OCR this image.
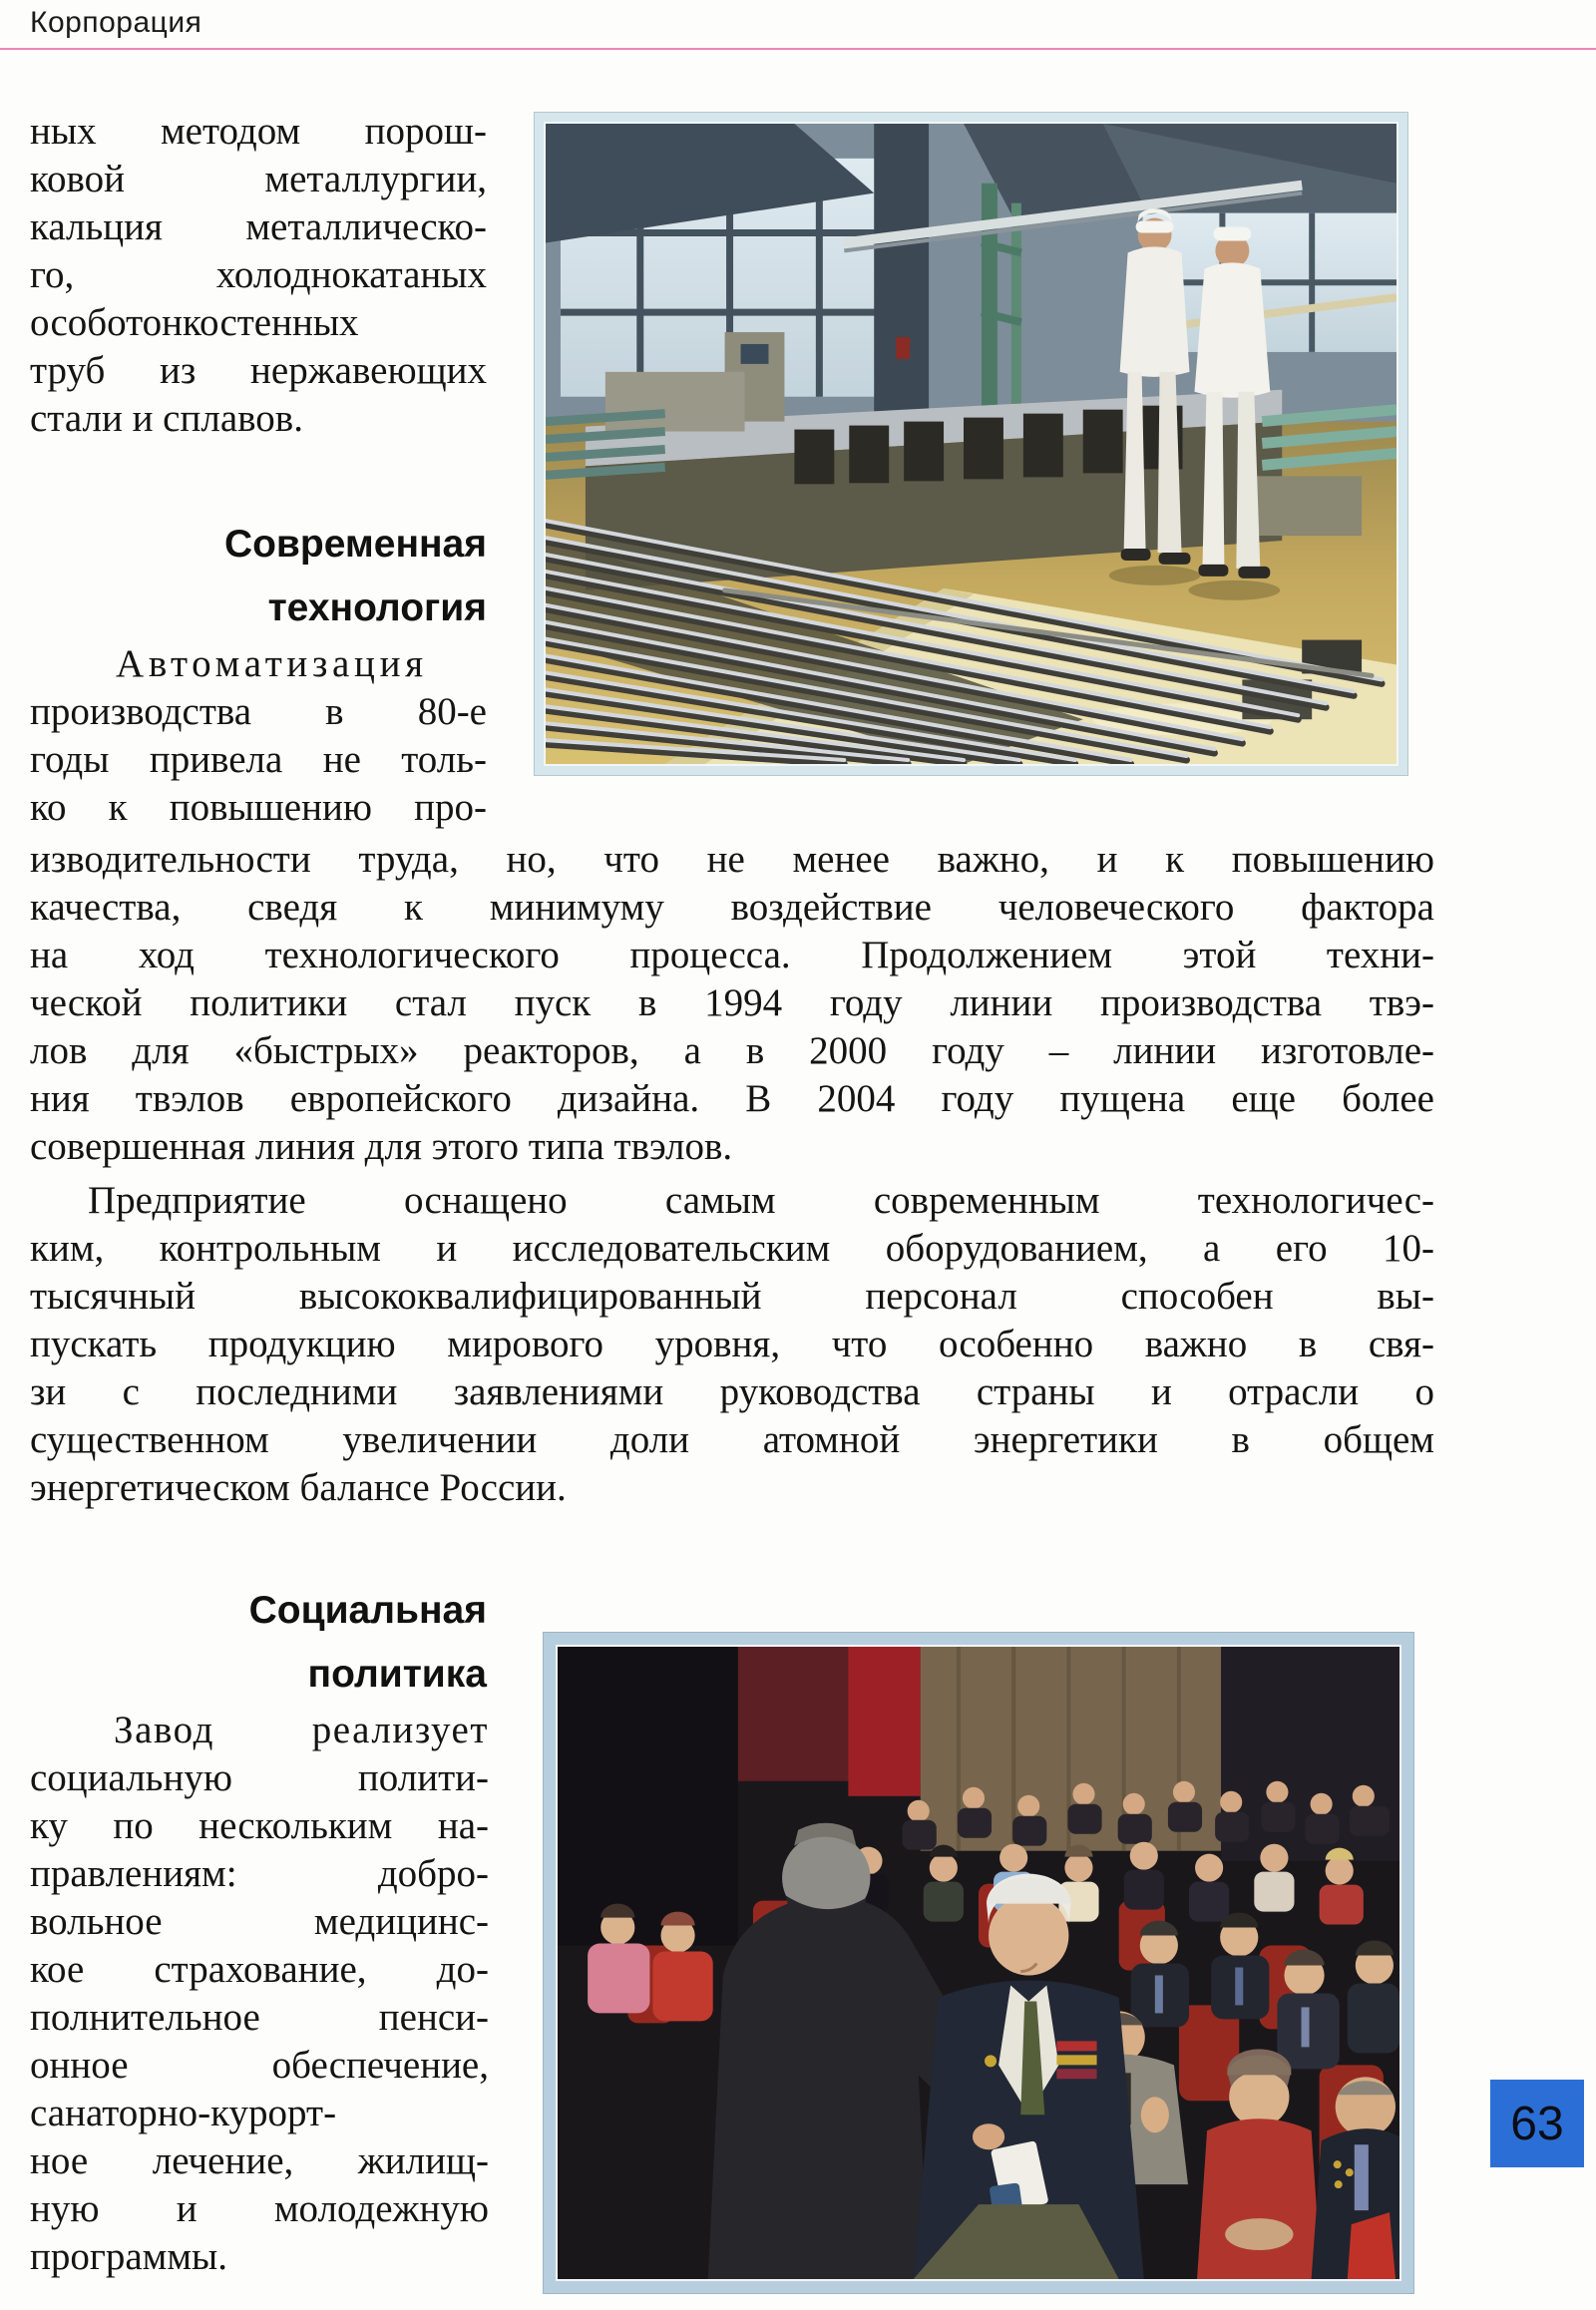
Корпорация
ных методом порош-
ковой металлургии,
кальция металлическо-
го, холоднокатаных
особотонкостенных
труб из нержавеющих
стали и сплавов.
Современная
технология
Автоматизация
производства в 80-е
годы привела не толь-
ко к повышению про-
изводительности труда, но, что не менее важно, и к повышению
качества, сведя к минимуму воздействие человеческого фактора
на ход технологического процесса. Продолжением этой техни-
ческой политики стал пуск в 1994 году линии производства твэ-
лов для «быстрых» реакторов, а в 2000 году – линии изготовле-
ния твэлов европейского дизайна. В 2004 году пущена еще более
совершенная линия для этого типа твэлов.
Предприятие оснащено самым современным технологичес-
ким, контрольным и исследовательским оборудованием, а его 10-
тысячный высококвалифицированный персонал способен вы-
пускать продукцию мирового уровня, что особенно важно в свя-
зи с последними заявлениями руководства страны и отрасли о
существенном увеличении доли атомной энергетики в общем
энергетическом балансе России.
Социальная
политика
Завод реализует
социальную полити-
ку по нескольким на-
правлениям: добро-
вольное медицинс-
кое страхование, до-
полнительное пенси-
онное обеспечение,
санаторно-курорт-
ное лечение, жилищ-
ную и молодежную
программы.
63
